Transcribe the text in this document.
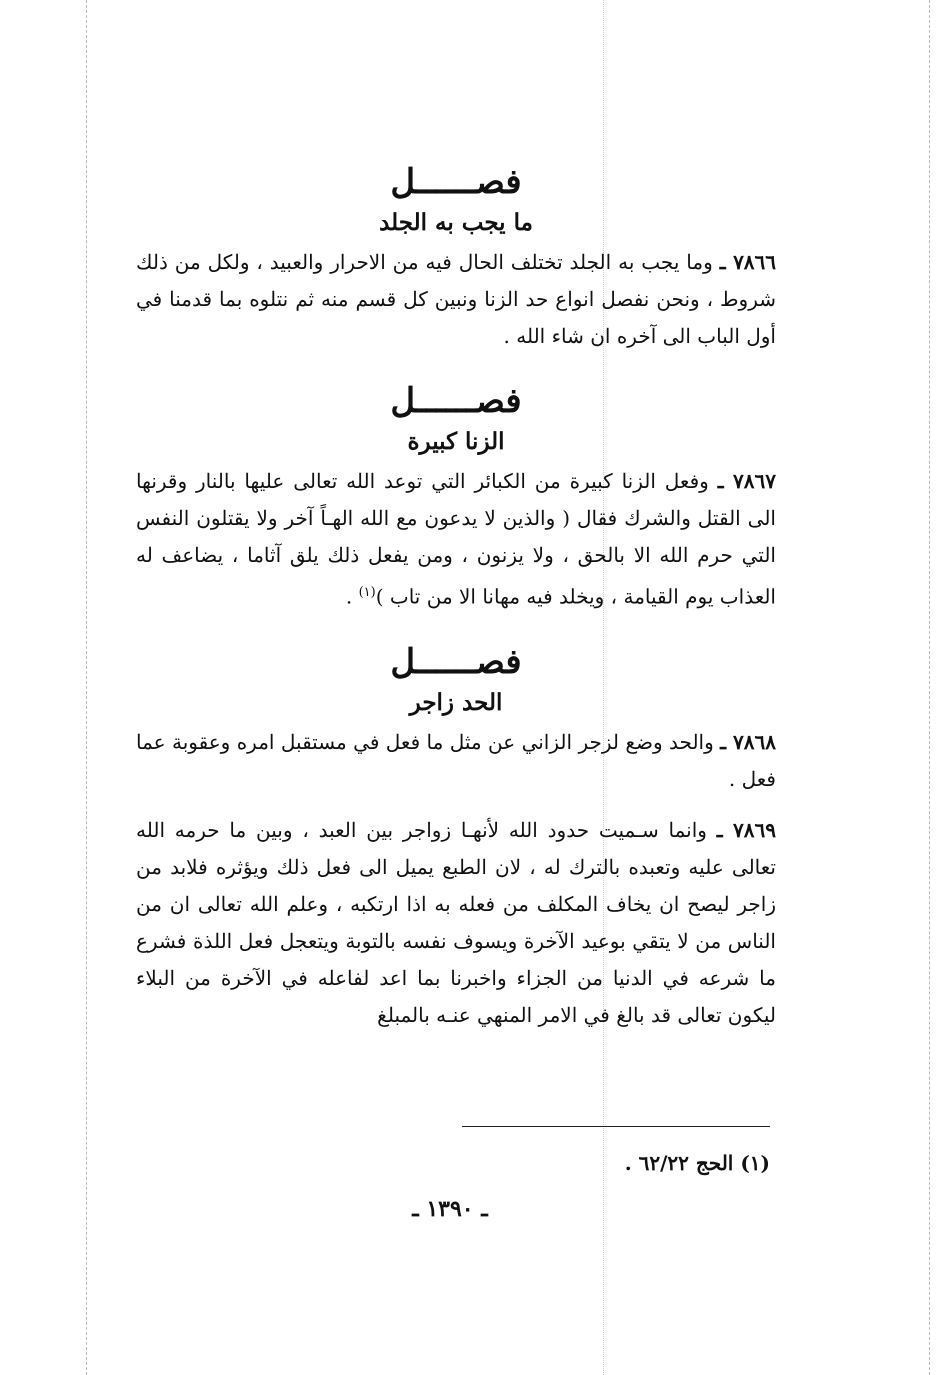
فصــــــل
ما يجب به الجلد

٧٨٦٦ ـ وما يجب به الجلد تختلف الحال فيه من الاحرار والعبيد ، ولكل من ذلك شروط ، ونحن نفصل انواع حد الزنا ونبين كل قسم منه ثم نتلوه بما قدمنا في أول الباب الى آخره ان شاء الله .

فصــــــل
الزنا كبيرة

٧٨٦٧ ـ وفعل الزنا كبيرة من الكبائر التي توعد الله تعالى عليها بالنار وقرنها الى القتل والشرك فقال ( والذين لا يدعون مع الله الهـاً آخر ولا يقتلون النفس التي حرم الله الا بالحق ، ولا يزنون ، ومن يفعل ذلك يلق آثاما ، يضاعف له العذاب يوم القيامة ، ويخلد فيه مهانا الا من تاب )$^{(١)}$ .

فصــــــل
الحد زاجر

٧٨٦٨ ـ والحد وضع لزجر الزاني عن مثل ما فعل في مستقبل امره وعقوبة عما فعل .

٧٨٦٩ ـ وانما سـميت حدود الله لأنهـا زواجر بين العبد ، وبين ما حرمه الله تعالى عليه وتعبده بالترك له ، لان الطبع يميل الى فعل ذلك ويؤثره فلابد من زاجر ليصح ان يخاف المكلف من فعله به اذا ارتكبه ، وعلم الله تعالى ان من الناس من لا يتقي بوعيد الآخرة ويسوف نفسه بالتوبة ويتعجل فعل اللذة فشرع ما شرعه في الدنيا من الجزاء واخبرنا بما اعد لفاعله في الآخرة من البلاء ليكون تعالى قد بالغ في الامر المنهي عنـه بالمبلغ

(١) الحج ٦٢/٢٢ .
ـ ١٣٩٠ ـ
